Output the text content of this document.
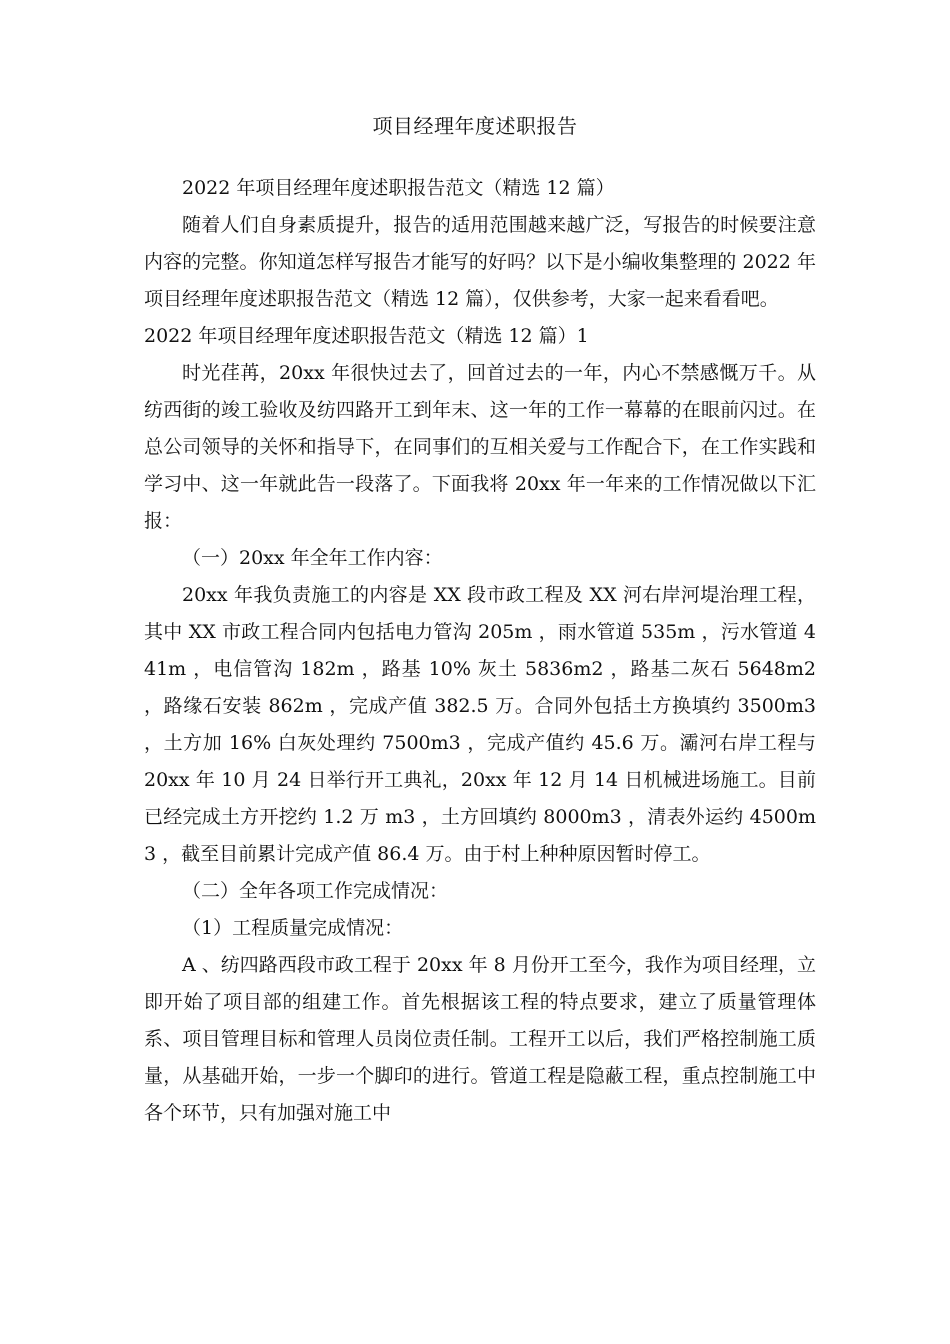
项目经理年度述职报告

2022 年项目经理年度述职报告范文（精选 12 篇）

随着人们自身素质提升，报告的适用范围越来越广泛，写报告的时候要注意内容的完整。你知道怎样写报告才能写的好吗？以下是小编收集整理的 2022 年项目经理年度述职报告范文（精选 12 篇），仅供参考，大家一起来看看吧。

2022 年项目经理年度述职报告范文（精选 12 篇）1

时光荏苒，20xx 年很快过去了，回首过去的一年，内心不禁感慨万千。从纺西街的竣工验收及纺四路开工到年末、这一年的工作一幕幕的在眼前闪过。在总公司领导的关怀和指导下，在同事们的互相关爱与工作配合下，在工作实践和学习中、这一年就此告一段落了。下面我将 20xx 年一年来的工作情况做以下汇报：

（一）20xx 年全年工作内容：

20xx 年我负责施工的内容是 XX 段市政工程及 XX 河右岸河堤治理工程，其中 XX 市政工程合同内包括电力管沟 205m ，雨水管道 535m ，污水管道 441m ，电信管沟 182m ，路基 10% 灰土 5836m2 ，路基二灰石 5648m2 ，路缘石安装 862m ，完成产值 382.5 万。合同外包括土方换填约 3500m3 ，土方加 16% 白灰处理约 7500m3 ，完成产值约 45.6 万。灞河右岸工程与 20xx 年 10 月 24 日举行开工典礼，20xx 年 12 月 14 日机械进场施工。目前已经完成土方开挖约 1.2 万 m3 ，土方回填约 8000m3 ，清表外运约 4500m3 ，截至目前累计完成产值 86.4 万。由于村上种种原因暂时停工。

（二）全年各项工作完成情况：

（1）工程质量完成情况：

A 、纺四路西段市政工程于 20xx 年 8 月份开工至今，我作为项目经理，立即开始了项目部的组建工作。首先根据该工程的特点要求，建立了质量管理体系、项目管理目标和管理人员岗位责任制。工程开工以后，我们严格控制施工质量，从基础开始，一步一个脚印的进行。管道工程是隐蔽工程，重点控制施工中各个环节，只有加强对施工中
